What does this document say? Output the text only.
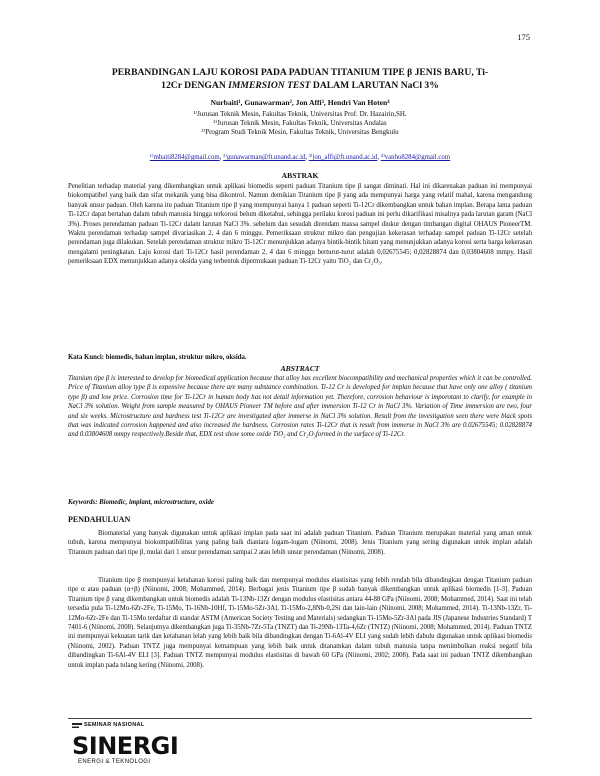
175
PERBANDINGAN LAJU KOROSI PADA PADUAN TITANIUM TIPE β JENIS BARU, Ti-
12Cr DENGAN IMMERSION TEST DALAM LARUTAN NaCl 3%
Nurbaiti¹, Gunawarman², Jon Affi³, Hendri Van Hoten⁴
¹⁾Jurusan Teknik Mesin, Fakultas Teknik, Universitas Prof. Dr. Hazairin,SH.
²⁾Jurusan Teknik Mesin, Fakultas Teknik, Universitas Andalas
³⁾Program Studi Teknik Mesin, Fakultas Teknik, Universitas Bengkulu
¹⁾mbaiti8284@gmail.com, ²⁾gunawarman@ft.unand.ac.id, ³⁾jon_affi@ft.unand.ac.id, ⁴⁾vanho8284@gmail.com
ABSTRAK
Penelitian terhadap material yang dikembangkan untuk aplikasi biomedis seperti paduan Titanium tipe β sangat diminati. Hal ini dikarenakan paduan ini mempunyai biokompatibel yang baik dan sifat mekanik yang bisa dikontrol. Namun demikian Titanium tipe β yang ada mempunyai harga yang relatif mahal, karena mengandung banyak unsur paduan. Oleh karena itu paduan Titanium tipe β yang mempunyai hanya 1 paduan seperti Ti-12Cr dikembangkan untuk bahan implan. Berapa lama paduan Ti-12Cr dapat bertahan dalam tubuh manusia hingga terkorosi belum diketahui, sehingga perilaku korosi paduan ini perlu dikarifikasi misalnya pada larutan garam (NaCl 3%). Proses perendaman paduan Ti-12Cr dalam larutan NaCl 3%. sebelum dan sesudah direndam massa sampel diukur dengan timbangan digital OHAUS PioneerTM. Waktu perendaman terhadap sampel divariasikan 2, 4 dan 6 minggu. Pemeriksaan struktur mikro dan pengujian kekerasan terhadap sampel paduan Ti-12Cr setelah perendaman juga dilakukan. Setelah perendaman struktur mikro Ti-12Cr menunjukkan adanya bintik-bintik hitam yang menunjukkan adanya korosi serta harga kekerasan mengalami peningkatan. Laju korosi dari Ti-12Cr hasil perendaman 2, 4 dan 6 minggu berturut-turut adalah 0,02675545; 0,02828874 dan 0,03804608 mmpy. Hasil pemeriksaan EDX menunjukkan adanya oksida yang terbentuk dipermukaan paduan Ti-12Cr yaitu TiO₂ dan Cr₂O₃.
Kata Kunci: biomedis, bahan implan, struktur mikro, oksida.
ABSTRACT
Titanium tipe β is interested to develop for biomedical application because that alloy has excellent biocompatibility and mechanical properties which it can be controlled. Price of Titanium alloy type β is expensive because there are many substance combination. Ti-12 Cr is developed for implan because that have only one alloy ( titanium type β) and low price. Corrosion time for Ti-12Cr in human body has not detail information yet. Therefore, corrosion behaviour is imporotant to clarify, for example in NaCl 3% solution. Weight from sample measured by OHAUS Pioneer TM before and after immersion Ti-12 Cr in NaCl 3%. Variation of Time immersion are two, four and six weeks. Microstructure and hardness test Ti-12Cr are investigated after immerse in NaCl 3% solution. Result from the investigation seen there were black spots that was indicated corrosion happened and also increased the hardness. Corrosion rates Ti-12Cr that is result from immerse in NaCl 3% are 0.02675545; 0.02828874 and 0.03804608 mmpy respectively.Beside that, EDX test show some oxide TiO₂ and Cr₂O₃formed in the surface of Ti-12Cr.
Keywords: Biomedic, implant, microstructure, oxide
PENDAHULUAN
Biomaterial yang banyak digunakan untuk aplikasi implan pada saat ini adalah paduan Titanium. Paduan Titanium merupakan material yang aman untuk tubuh, karena mempunyai biokompatibilitas yang paling baik diantara logam-logam (Niinomi, 2008). Jenis Titanium yang sering digunakan untuk implan adalah Titanium paduan dari tipe β, mulai dari 1 unsur perendaman sampai 2 atau lebih unsur perendaman (Niinomi, 2008).
Titanium tipe β mempunyai ketahanan korosi paling baik dan mempunyai modulus elastisitas yang lebih rendah bila dibandingkan dengan Titanium paduan tipe α atau paduan (α+β) (Niinomi, 2008; Mohammed, 2014). Berbagai jenis Titanium tipe β sudah banyak dikembangkan untuk aplikasi biomedis [1-3]. Paduan Titanium tipe β yang dikembangkan untuk biomedis adalah Ti-13Nb-13Zr dengan modulus elastisitas antara 44-88 GPa (Niinomi, 2008; Mohammed, 2014). Saat ini telah tersedia pula Ti-12Mo-6Zr-2Fe, Ti-15Mo, Ti-16Nb-10Hf, Ti-15Mo-5Zr-3Al, Ti-15Mo-2,8Nb-0,2Si dan lain-lain (Niinomi, 2008; Mohammed, 2014). Ti-13Nb-13Zr, Ti-12Mo-6Zr-2Fe dan Ti-15Mo terdaftar di standar ASTM (American Society Testing and Materials) sedangkan Ti-15Mo-5Zr-3Al pada JIS (Japanese Industries Standard) T 7401-6 (Niinomi, 2008). Selanjutnya dikembangkan juga Ti-35Nb-7Zr-5Ta (TNZT) dan Ti-29Nb-13Ta-4,6Zr (TNTZ) (Niinomi, 2008; Mohammed, 2014). Paduan TNTZ ini mempunyai kekuatan tarik dan ketahanan lelah yang lebih baik bila dibandingkan dengan Ti-6Al-4V ELI yang sudah lebih dahulu digunakan untuk aplikasi biomedis (Niinomi, 2002). Paduan TNTZ juga mempunyai kemampuan yang lebih baik untuk ditanamkan dalam tubuh manusia tanpa menimbulkan reaksi negatif bila dibandingkan Ti-6Al-4V ELI [3]. Paduan TNTZ mempunyai modulus elastisitas di bawah 60 GPa (Niinomi, 2002; 2008). Pada saat ini paduan TNTZ dikembangkan untuk implan pada tulang kering (Niinomi, 2008).
SEMINAR NASIONAL
SINERGI
ENERGI & TEKNOLOGI
